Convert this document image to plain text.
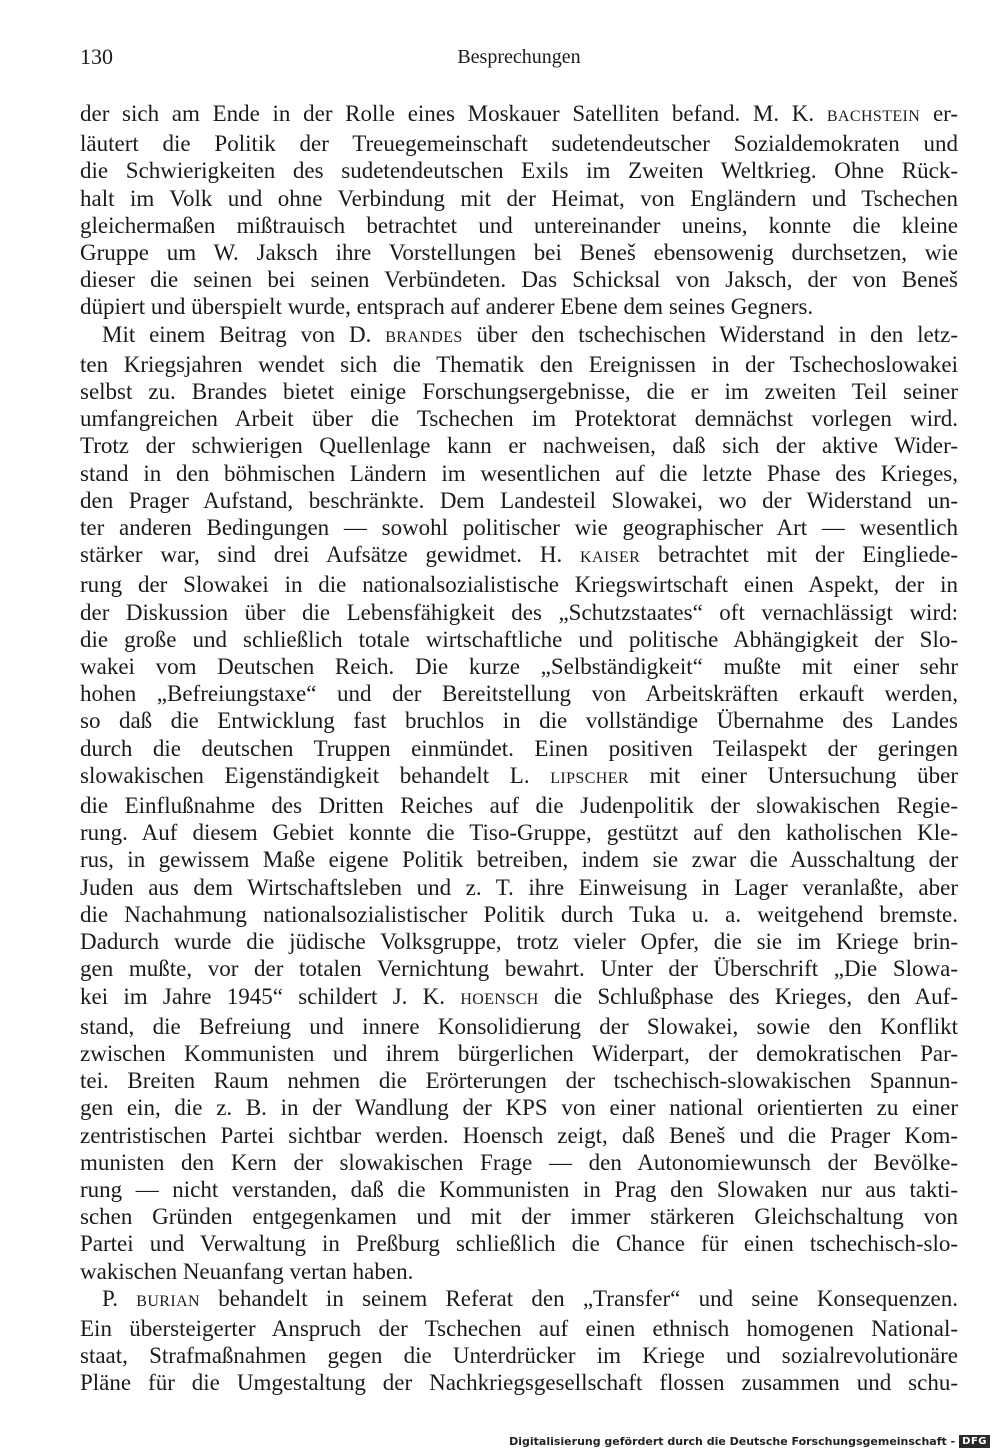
130	Besprechungen
der sich am Ende in der Rolle eines Moskauer Satelliten befand. M. K. BACHSTEIN er-
läutert die Politik der Treuegemeinschaft sudetendeutscher Sozialdemokraten und
die Schwierigkeiten des sudetendeutschen Exils im Zweiten Weltkrieg. Ohne Rück-
halt im Volk und ohne Verbindung mit der Heimat, von Engländern und Tschechen
gleichermaßen mißtrauisch betrachtet und untereinander uneins, konnte die kleine
Gruppe um W. Jaksch ihre Vorstellungen bei Beneš ebensowenig durchsetzen, wie
dieser die seinen bei seinen Verbündeten. Das Schicksal von Jaksch, der von Beneš
düpiert und überspielt wurde, entsprach auf anderer Ebene dem seines Gegners.
Mit einem Beitrag von D. BRANDES über den tschechischen Widerstand in den letz-
ten Kriegsjahren wendet sich die Thematik den Ereignissen in der Tschechoslowakei
selbst zu. Brandes bietet einige Forschungsergebnisse, die er im zweiten Teil seiner
umfangreichen Arbeit über die Tschechen im Protektorat demnächst vorlegen wird.
Trotz der schwierigen Quellenlage kann er nachweisen, daß sich der aktive Wider-
stand in den böhmischen Ländern im wesentlichen auf die letzte Phase des Krieges,
den Prager Aufstand, beschränkte. Dem Landesteil Slowakei, wo der Widerstand un-
ter anderen Bedingungen — sowohl politischer wie geographischer Art — wesentlich
stärker war, sind drei Aufsätze gewidmet. H. KAISER betrachtet mit der Eingliede-
rung der Slowakei in die nationalsozialistische Kriegswirtschaft einen Aspekt, der in
der Diskussion über die Lebensfähigkeit des „Schutzstaates“ oft vernachlässigt wird:
die große und schließlich totale wirtschaftliche und politische Abhängigkeit der Slo-
wakei vom Deutschen Reich. Die kurze „Selbständigkeit“ mußte mit einer sehr
hohen „Befreiungstaxe“ und der Bereitstellung von Arbeitskräften erkauft werden,
so daß die Entwicklung fast bruchlos in die vollständige Übernahme des Landes
durch die deutschen Truppen einmündet. Einen positiven Teilaspekt der geringen
slowakischen Eigenständigkeit behandelt L. LIPSCHER mit einer Untersuchung über
die Einflußnahme des Dritten Reiches auf die Judenpolitik der slowakischen Regie-
rung. Auf diesem Gebiet konnte die Tiso-Gruppe, gestützt auf den katholischen Kle-
rus, in gewissem Maße eigene Politik betreiben, indem sie zwar die Ausschaltung der
Juden aus dem Wirtschaftsleben und z. T. ihre Einweisung in Lager veranlaßte, aber
die Nachahmung nationalsozialistischer Politik durch Tuka u. a. weitgehend bremste.
Dadurch wurde die jüdische Volksgruppe, trotz vieler Opfer, die sie im Kriege brin-
gen mußte, vor der totalen Vernichtung bewahrt. Unter der Überschrift „Die Slowa-
kei im Jahre 1945“ schildert J. K. HOENSCH die Schlußphase des Krieges, den Auf-
stand, die Befreiung und innere Konsolidierung der Slowakei, sowie den Konflikt
zwischen Kommunisten und ihrem bürgerlichen Widerpart, der demokratischen Par-
tei. Breiten Raum nehmen die Erörterungen der tschechisch-slowakischen Spannun-
gen ein, die z. B. in der Wandlung der KPS von einer national orientierten zu einer
zentristischen Partei sichtbar werden. Hoensch zeigt, daß Beneš und die Prager Kom-
munisten den Kern der slowakischen Frage — den Autonomiewunsch der Bevölke-
rung — nicht verstanden, daß die Kommunisten in Prag den Slowaken nur aus takti-
schen Gründen entgegenkamen und mit der immer stärkeren Gleichschaltung von
Partei und Verwaltung in Preßburg schließlich die Chance für einen tschechisch-slo-
wakischen Neuanfang vertan haben.
P. BURIAN behandelt in seinem Referat den „Transfer“ und seine Konsequenzen.
Ein übersteigerter Anspruch der Tschechen auf einen ethnisch homogenen National-
staat, Strafmaßnahmen gegen die Unterdrücker im Kriege und sozialrevolutionäre
Pläne für die Umgestaltung der Nachkriegsgesellschaft flossen zusammen und schu-
Digitalisierung gefördert durch die Deutsche Forschungsgemeinschaft - DFG
